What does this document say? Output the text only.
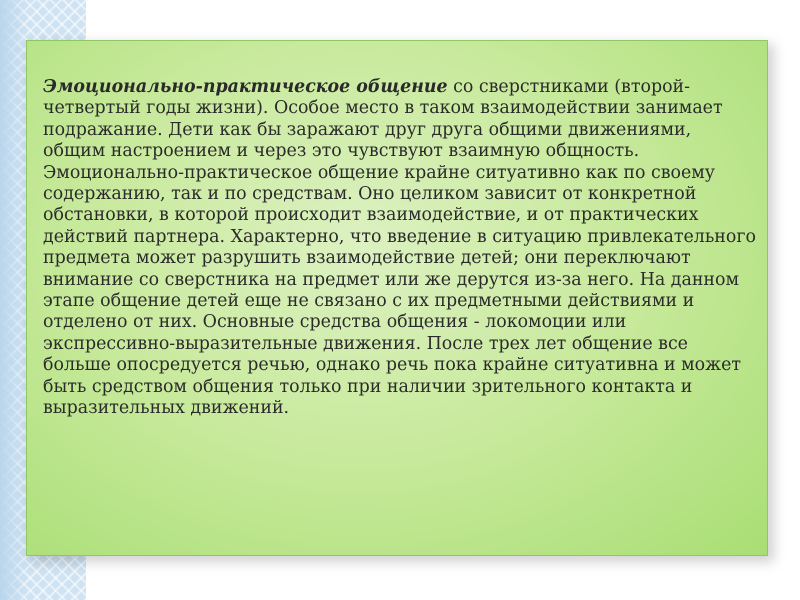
Эмоционально-практическое общение со сверстниками (второй-четвертый годы жизни). Особое место в таком взаимодействии занимает подражание. Дети как бы заражают друг друга общими движениями, общим настроением и через это чувствуют взаимную общность. Эмоционально-практическое общение крайне ситуативно как по своему содержанию, так и по средствам. Оно целиком зависит от конкретной обстановки, в которой происходит взаимодействие, и от практических действий партнера. Характерно, что введение в ситуацию привлекательного предмета может разрушить взаимодействие детей; они переключают внимание со сверстника на предмет или же дерутся из-за него. На данном этапе общение детей еще не связано с их предметными действиями и отделено от них. Основные средства общения - локомоции или экспрессивно-выразительные движения. После трех лет общение все больше опосредуется речью, однако речь пока крайне ситуативна и может быть средством общения только при наличии зрительного контакта и выразительных движений.
